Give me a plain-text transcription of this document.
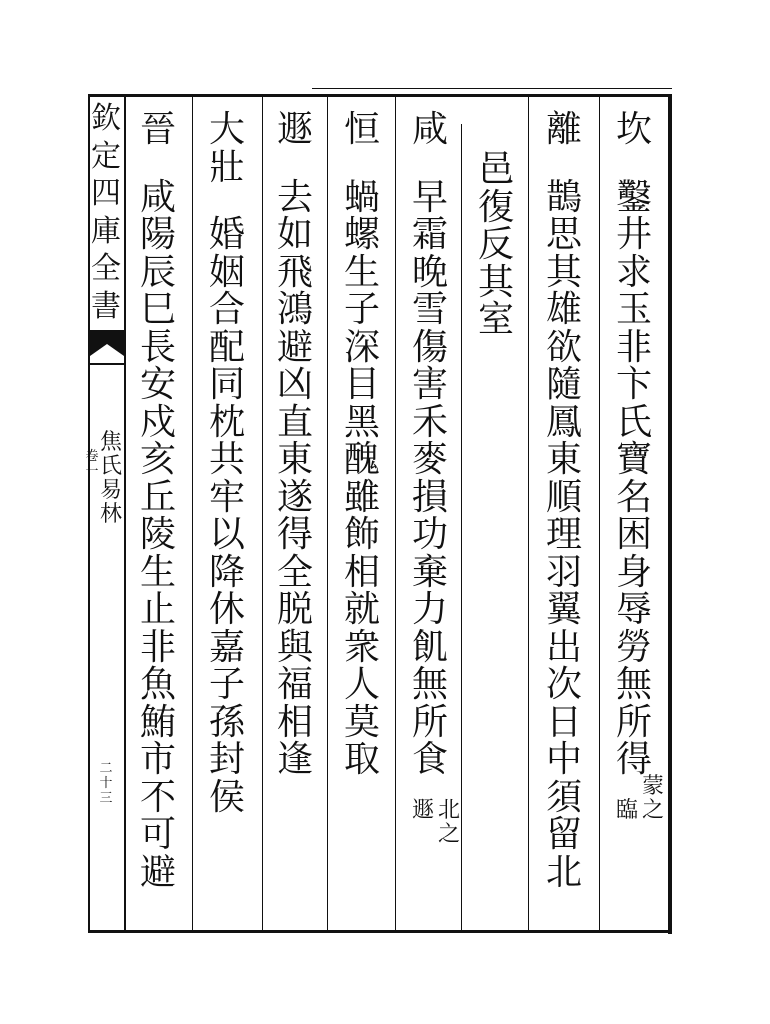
欽
定
四
庫
全
書
焦
氏
易
林
卷
一
二
十
三
坎

鑿
井
求
玉
非
卞
氏
寶
名
困
身
辱
勞
無
所
得
蒙
之
臨
離

鵲
思
其
雄
欲
隨
鳳
東
順
理
羽
翼
出
次
日
中
須
留
北
邑
復
反
其
室
咸

早
霜
晚
雪
傷
害
禾
麥
損
功
棄
力
飢
無
所
食
北
之
遯
恒

蝸
螺
生
子
深
目
黑
醜
雖
飾
相
就
衆
人
莫
取
遯

去
如
飛
鴻
避
凶
直
東
遂
得
全
脱
與
福
相
逢
大
壯

婚
姻
合
配
同
枕
共
牢
以
降
休
嘉
子
孫
封
侯
晉

咸
陽
辰
巳
長
安
戍
亥
丘
陵
生
止
非
魚
鮪
市
不
可
避
